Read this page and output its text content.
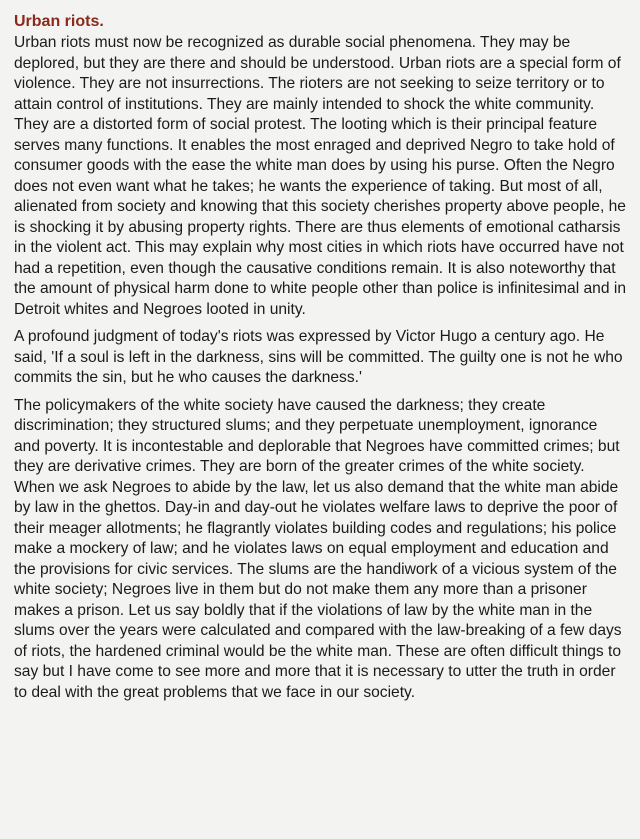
Urban riots.

Urban riots must now be recognized as durable social phenomena. They may be deplored, but they are there and should be understood. Urban riots are a special form of violence. They are not insurrections. The rioters are not seeking to seize territory or to attain control of institutions. They are mainly intended to shock the white community. They are a distorted form of social protest. The looting which is their principal feature serves many functions. It enables the most enraged and deprived Negro to take hold of consumer goods with the ease the white man does by using his purse. Often the Negro does not even want what he takes; he wants the experience of taking. But most of all, alienated from society and knowing that this society cherishes property above people, he is shocking it by abusing property rights. There are thus elements of emotional catharsis in the violent act. This may explain why most cities in which riots have occurred have not had a repetition, even though the causative conditions remain. It is also noteworthy that the amount of physical harm done to white people other than police is infinitesimal and in Detroit whites and Negroes looted in unity.

A profound judgment of today's riots was expressed by Victor Hugo a century ago. He said, 'If a soul is left in the darkness, sins will be committed. The guilty one is not he who commits the sin, but he who causes the darkness.'

The policymakers of the white society have caused the darkness; they create discrimination; they structured slums; and they perpetuate unemployment, ignorance and poverty. It is incontestable and deplorable that Negroes have committed crimes; but they are derivative crimes. They are born of the greater crimes of the white society. When we ask Negroes to abide by the law, let us also demand that the white man abide by law in the ghettos. Day-in and day-out he violates welfare laws to deprive the poor of their meager allotments; he flagrantly violates building codes and regulations; his police make a mockery of law; and he violates laws on equal employment and education and the provisions for civic services. The slums are the handiwork of a vicious system of the white society; Negroes live in them but do not make them any more than a prisoner makes a prison. Let us say boldly that if the violations of law by the white man in the slums over the years were calculated and compared with the law-breaking of a few days of riots, the hardened criminal would be the white man. These are often difficult things to say but I have come to see more and more that it is necessary to utter the truth in order to deal with the great problems that we face in our society.
